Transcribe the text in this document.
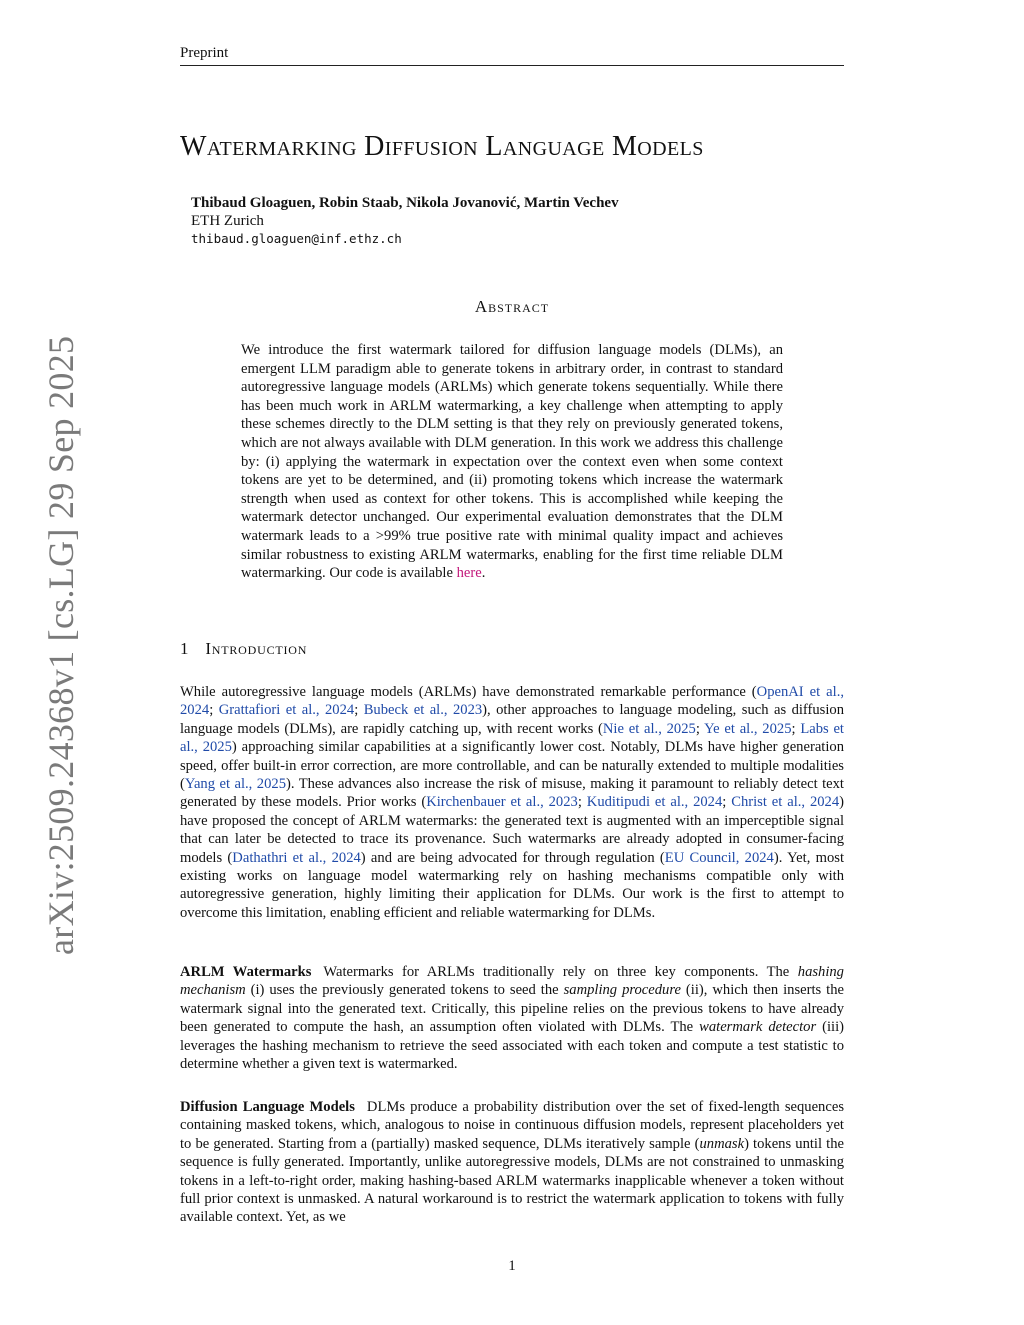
Preprint
arXiv:2509.24368v1 [cs.LG] 29 Sep 2025
Watermarking Diffusion Language Models
Thibaud Gloaguen, Robin Staab, Nikola Jovanović, Martin Vechev
ETH Zurich
thibaud.gloaguen@inf.ethz.ch
Abstract
We introduce the first watermark tailored for diffusion language models (DLMs), an emergent LLM paradigm able to generate tokens in arbitrary order, in contrast to standard autoregressive language models (ARLMs) which generate tokens sequentially. While there has been much work in ARLM watermarking, a key challenge when attempting to apply these schemes directly to the DLM setting is that they rely on previously generated tokens, which are not always available with DLM generation. In this work we address this challenge by: (i) applying the watermark in expectation over the context even when some context tokens are yet to be determined, and (ii) promoting tokens which increase the watermark strength when used as context for other tokens. This is accomplished while keeping the watermark detector unchanged. Our experimental evaluation demonstrates that the DLM watermark leads to a >99% true positive rate with minimal quality impact and achieves similar robustness to existing ARLM watermarks, enabling for the first time reliable DLM watermarking. Our code is available here.
1 Introduction

While autoregressive language models (ARLMs) have demonstrated remarkable performance (OpenAI et al., 2024; Grattafiori et al., 2024; Bubeck et al., 2023), other approaches to language modeling, such as diffusion language models (DLMs), are rapidly catching up, with recent works (Nie et al., 2025; Ye et al., 2025; Labs et al., 2025) approaching similar capabilities at a significantly lower cost. Notably, DLMs have higher generation speed, offer built-in error correction, are more controllable, and can be naturally extended to multiple modalities (Yang et al., 2025). These advances also increase the risk of misuse, making it paramount to reliably detect text generated by these models. Prior works (Kirchenbauer et al., 2023; Kuditipudi et al., 2024; Christ et al., 2024) have proposed the concept of ARLM watermarks: the generated text is augmented with an imperceptible signal that can later be detected to trace its provenance. Such watermarks are already adopted in consumer-facing models (Dathathri et al., 2024) and are being advocated for through regulation (EU Council, 2024). Yet, most existing works on language model watermarking rely on hashing mechanisms compatible only with autoregressive generation, highly limiting their application for DLMs. Our work is the first to attempt to overcome this limitation, enabling efficient and reliable watermarking for DLMs.

ARLM Watermarks Watermarks for ARLMs traditionally rely on three key components. The hashing mechanism (i) uses the previously generated tokens to seed the sampling procedure (ii), which then inserts the watermark signal into the generated text. Critically, this pipeline relies on the previous tokens to have already been generated to compute the hash, an assumption often violated with DLMs. The watermark detector (iii) leverages the hashing mechanism to retrieve the seed associated with each token and compute a test statistic to determine whether a given text is watermarked.

Diffusion Language Models DLMs produce a probability distribution over the set of fixed-length sequences containing masked tokens, which, analogous to noise in continuous diffusion models, represent placeholders yet to be generated. Starting from a (partially) masked sequence, DLMs iteratively sample (unmask) tokens until the sequence is fully generated. Importantly, unlike autoregressive models, DLMs are not constrained to unmasking tokens in a left-to-right order, making hashing-based ARLM watermarks inapplicable whenever a token without full prior context is unmasked. A natural workaround is to restrict the watermark application to tokens with fully available context. Yet, as we

1
